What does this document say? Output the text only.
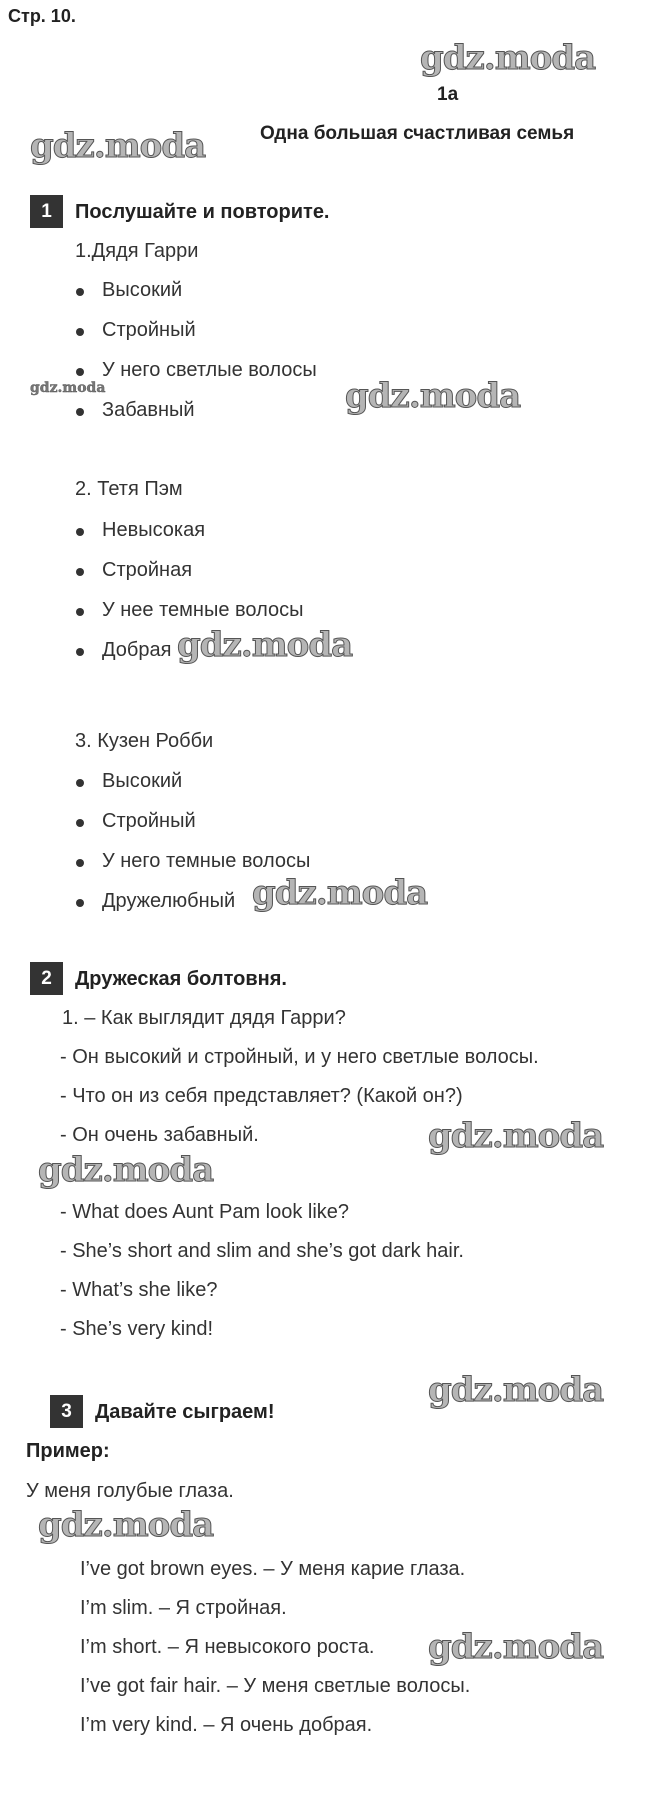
Стр. 10.
1a
Одна большая счастливая семья
1	Послушайте и повторите.
1.Дядя Гарри
Высокий
Стройный
У него светлые волосы
Забавный
2. Тетя Пэм
Невысокая
Стройная
У нее темные волосы
Добрая
3. Кузен Робби
Высокий
Стройный
У него темные волосы
Дружелюбный
2	Дружеская болтовня.
1. – Как выглядит дядя Гарри?
- Он высокий и стройный, и у него светлые волосы.
- Что он из себя представляет? (Какой он?)
- Он очень забавный.
- What does Aunt Pam look like?
- She’s short and slim and she’s got dark hair.
- What’s she like?
- She’s very kind!
3	Давайте сыграем!
Пример:
У меня голубые глаза.
I’ve got brown eyes. – У меня карие глаза.
I’m slim. – Я стройная.
I’m short. – Я невысокого роста.
I’ve got fair hair. – У меня светлые волосы.
I’m very kind. – Я очень добрая.
gdz.moda
gdz.moda
gdz.moda	gdz.moda
gdz.moda
gdz.moda
gdz.moda
gdz.moda
gdz.moda
gdz.moda
gdz.moda
